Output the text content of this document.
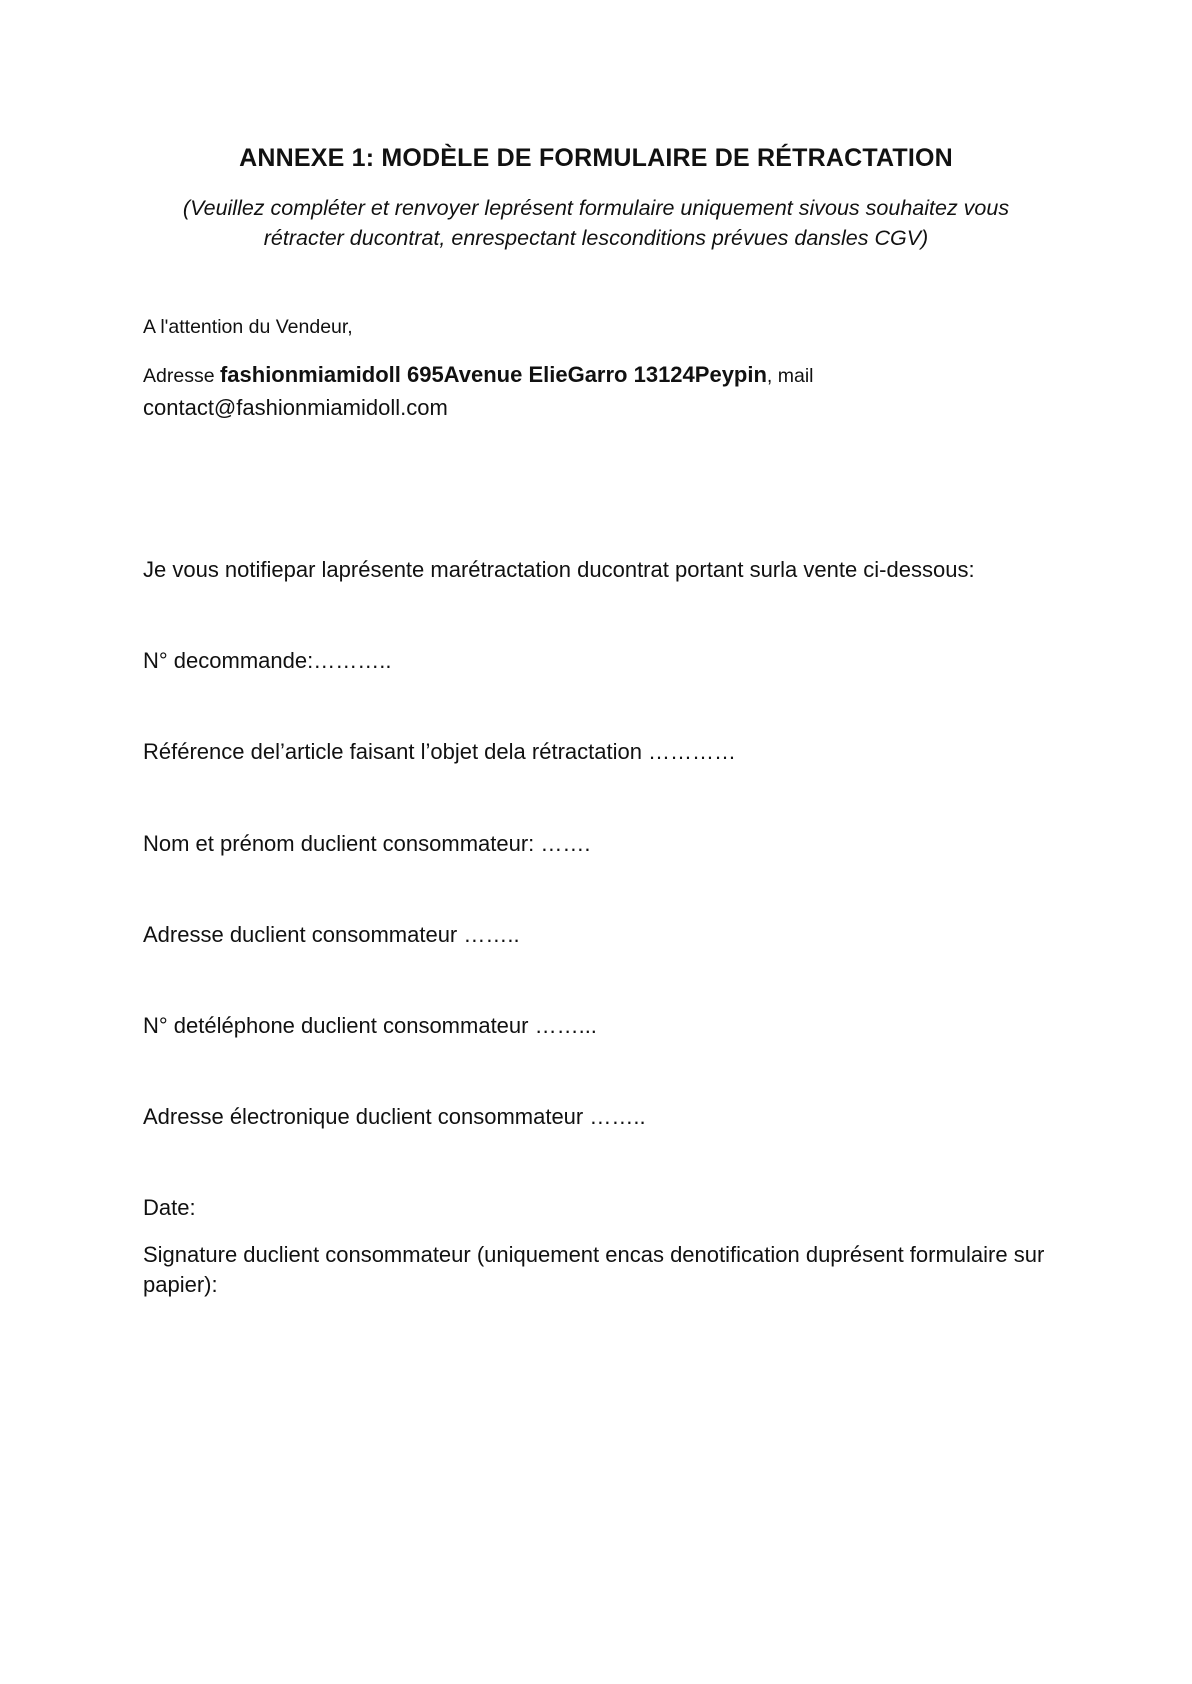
ANNEXE 1: MODÈLE DE FORMULAIRE DE RÉTRACTATION

(Veuillez compléter et renvoyer leprésent formulaire uniquement sivous souhaitez vous rétracter ducontrat, enrespectant lesconditions prévues dansles CGV)

A l'attention du Vendeur,

Adresse fashionmiamidoll 695Avenue ElieGarro 13124Peypin, mail
contact@fashionmiamidoll.com

Je vous notifiepar laprésente marétractation ducontrat portant surla vente ci-dessous:

N° decommande:………..

Référence del’article faisant l’objet dela rétractation …………

Nom et prénom duclient consommateur: …….

Adresse duclient consommateur ……..

N° detéléphone duclient consommateur ……...

Adresse électronique duclient consommateur ……..

Date:

Signature duclient consommateur (uniquement encas denotification duprésent formulaire sur papier):
